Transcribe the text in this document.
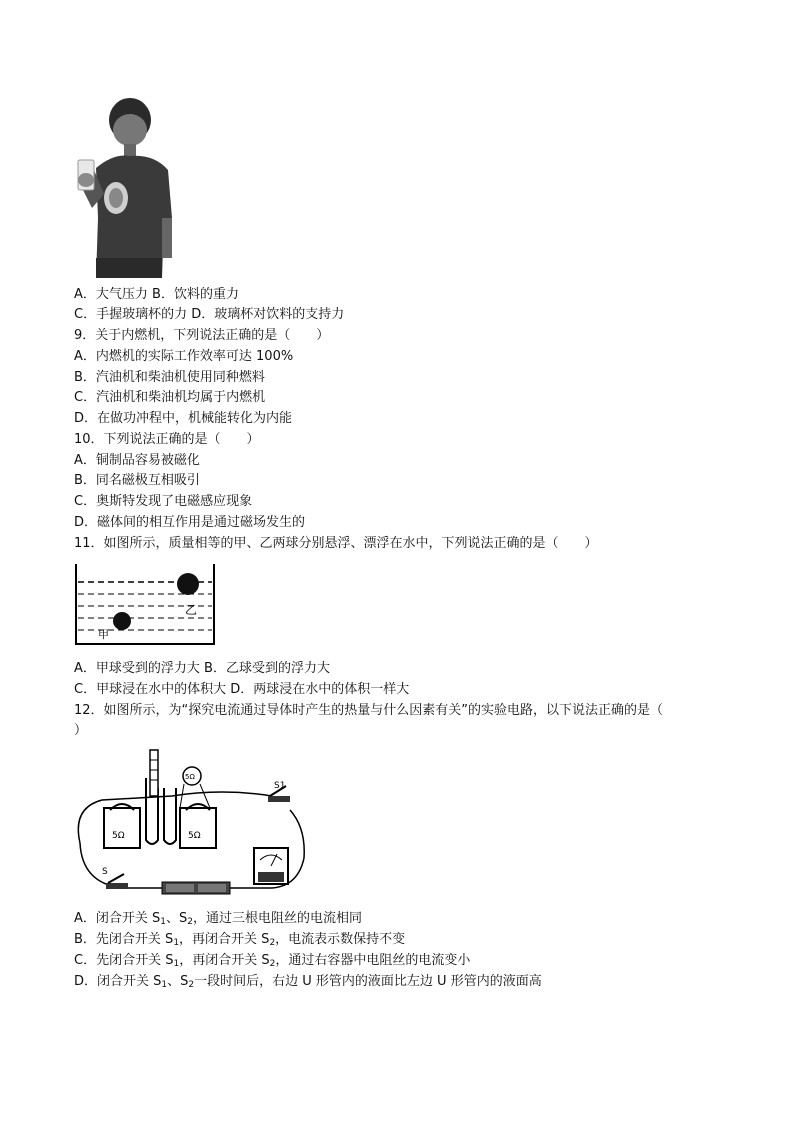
A．大气压力 B．饮料的重力
C．手握玻璃杯的力 D．玻璃杯对饮料的支持力
9．关于内燃机，下列说法正确的是（　　）
A．内燃机的实际工作效率可达 100%
B．汽油机和柴油机使用同种燃料
C．汽油机和柴油机均属于内燃机
D．在做功冲程中，机械能转化为内能
10．下列说法正确的是（　　）
A．铜制品容易被磁化
B．同名磁极互相吸引
C．奥斯特发现了电磁感应现象
D．磁体间的相互作用是通过磁场发生的
11．如图所示，质量相等的甲、乙两球分别悬浮、漂浮在水中，下列说法正确的是（　　）
乙
甲
A．甲球受到的浮力大 B．乙球受到的浮力大
C．甲球浸在水中的体积大 D．两球浸在水中的体积一样大
12．如图所示，为“探究电流通过导体时产生的热量与什么因素有关”的实验电路，以下说法正确的是（
）
5Ω	5Ω
5Ω
S1
S
A．闭合开关 $S_1$、$S_2$，通过三根电阻丝的电流相同
B．先闭合开关 $S_1$，再闭合开关 $S_2$，电流表示数保持不变
C．先闭合开关 $S_1$，再闭合开关 $S_2$，通过右容器中电阻丝的电流变小
D．闭合开关 $S_1$、$S_2$一段时间后，右边 U 形管内的液面比左边 U 形管内的液面高
